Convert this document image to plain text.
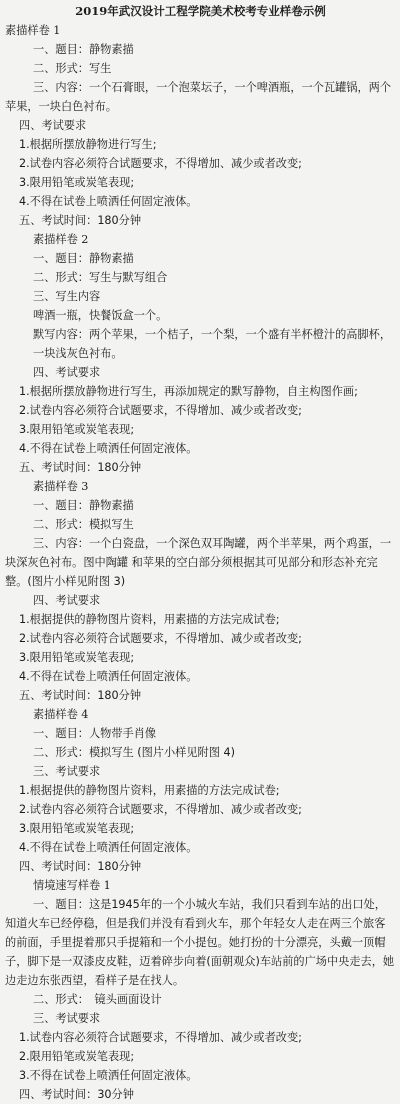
2019年武汉设计工程学院美术校考专业样卷示例
素描样卷 1
一、题目：静物素描
二、形式：写生
三、内容：一个石膏眼，一个泡菜坛子，一个啤酒瓶，一个瓦罐锅，两个苹果，一块白色衬布。
四、考试要求
1.根据所摆放静物进行写生;
2.试卷内容必须符合试题要求，不得增加、减少或者改变;
3.限用铅笔或炭笔表现;
4.不得在试卷上喷洒任何固定液体。
五、考试时间：180分钟
素描样卷 2
一、题目：静物素描
二、形式：写生与默写组合
三、写生内容
啤酒一瓶，快餐饭盒一个。
默写内容：两个苹果，一个桔子，一个梨，一个盛有半杯橙汁的高脚杯，一块浅灰色衬布。
四、考试要求
1.根据所摆放静物进行写生，再添加规定的默写静物，自主构图作画;
2.试卷内容必须符合试题要求，不得增加、减少或者改变;
3.限用铅笔或炭笔表现;
4.不得在试卷上喷洒任何固定液体。
五、考试时间：180分钟
素描样卷 3
一、题目：静物素描
二、形式：模拟写生
三、内容：一个白瓷盘，一个深色双耳陶罐，两个半苹果，两个鸡蛋，一块深灰色衬布。图中陶罐 和苹果的空白部分须根据其可见部分和形态补充完整。(图片小样见附图 3)
四、考试要求
1.根据提供的静物图片资料，用素描的方法完成试卷;
2.试卷内容必须符合试题要求，不得增加、减少或者改变;
3.限用铅笔或炭笔表现;
4.不得在试卷上喷洒任何固定液体。
五、考试时间：180分钟
素描样卷 4
一、题目：人物带手肖像
二、形式：模拟写生 (图片小样见附图 4)
三、考试要求
1.根据提供的静物图片资料，用素描的方法完成试卷;
2.试卷内容必须符合试题要求，不得增加、减少或者改变;
3.限用铅笔或炭笔表现;
4.不得在试卷上喷洒任何固定液体。
四、考试时间：180分钟
情境速写样卷 1
一、题目：这是1945年的一个小城火车站，我们只看到车站的出口处，知道火车已经停稳，但是我们并没有看到火车，那个年轻女人走在两三个旅客的前面，手里提着那只手提箱和一个小提包。她打扮的十分漂亮，头戴一顶帽子，脚下是一双漆皮皮鞋，迈着碎步向着(面朝观众)车站前的广场中央走去，她边走边东张西望，看样子是在找人。
二、形式：　镜头画面设计
三、考试要求
1.试卷内容必须符合试题要求，不得增加、减少或者改变;
2.限用铅笔或炭笔表现;
3.不得在试卷上喷洒任何固定液体。
四、考试时间：30分钟
